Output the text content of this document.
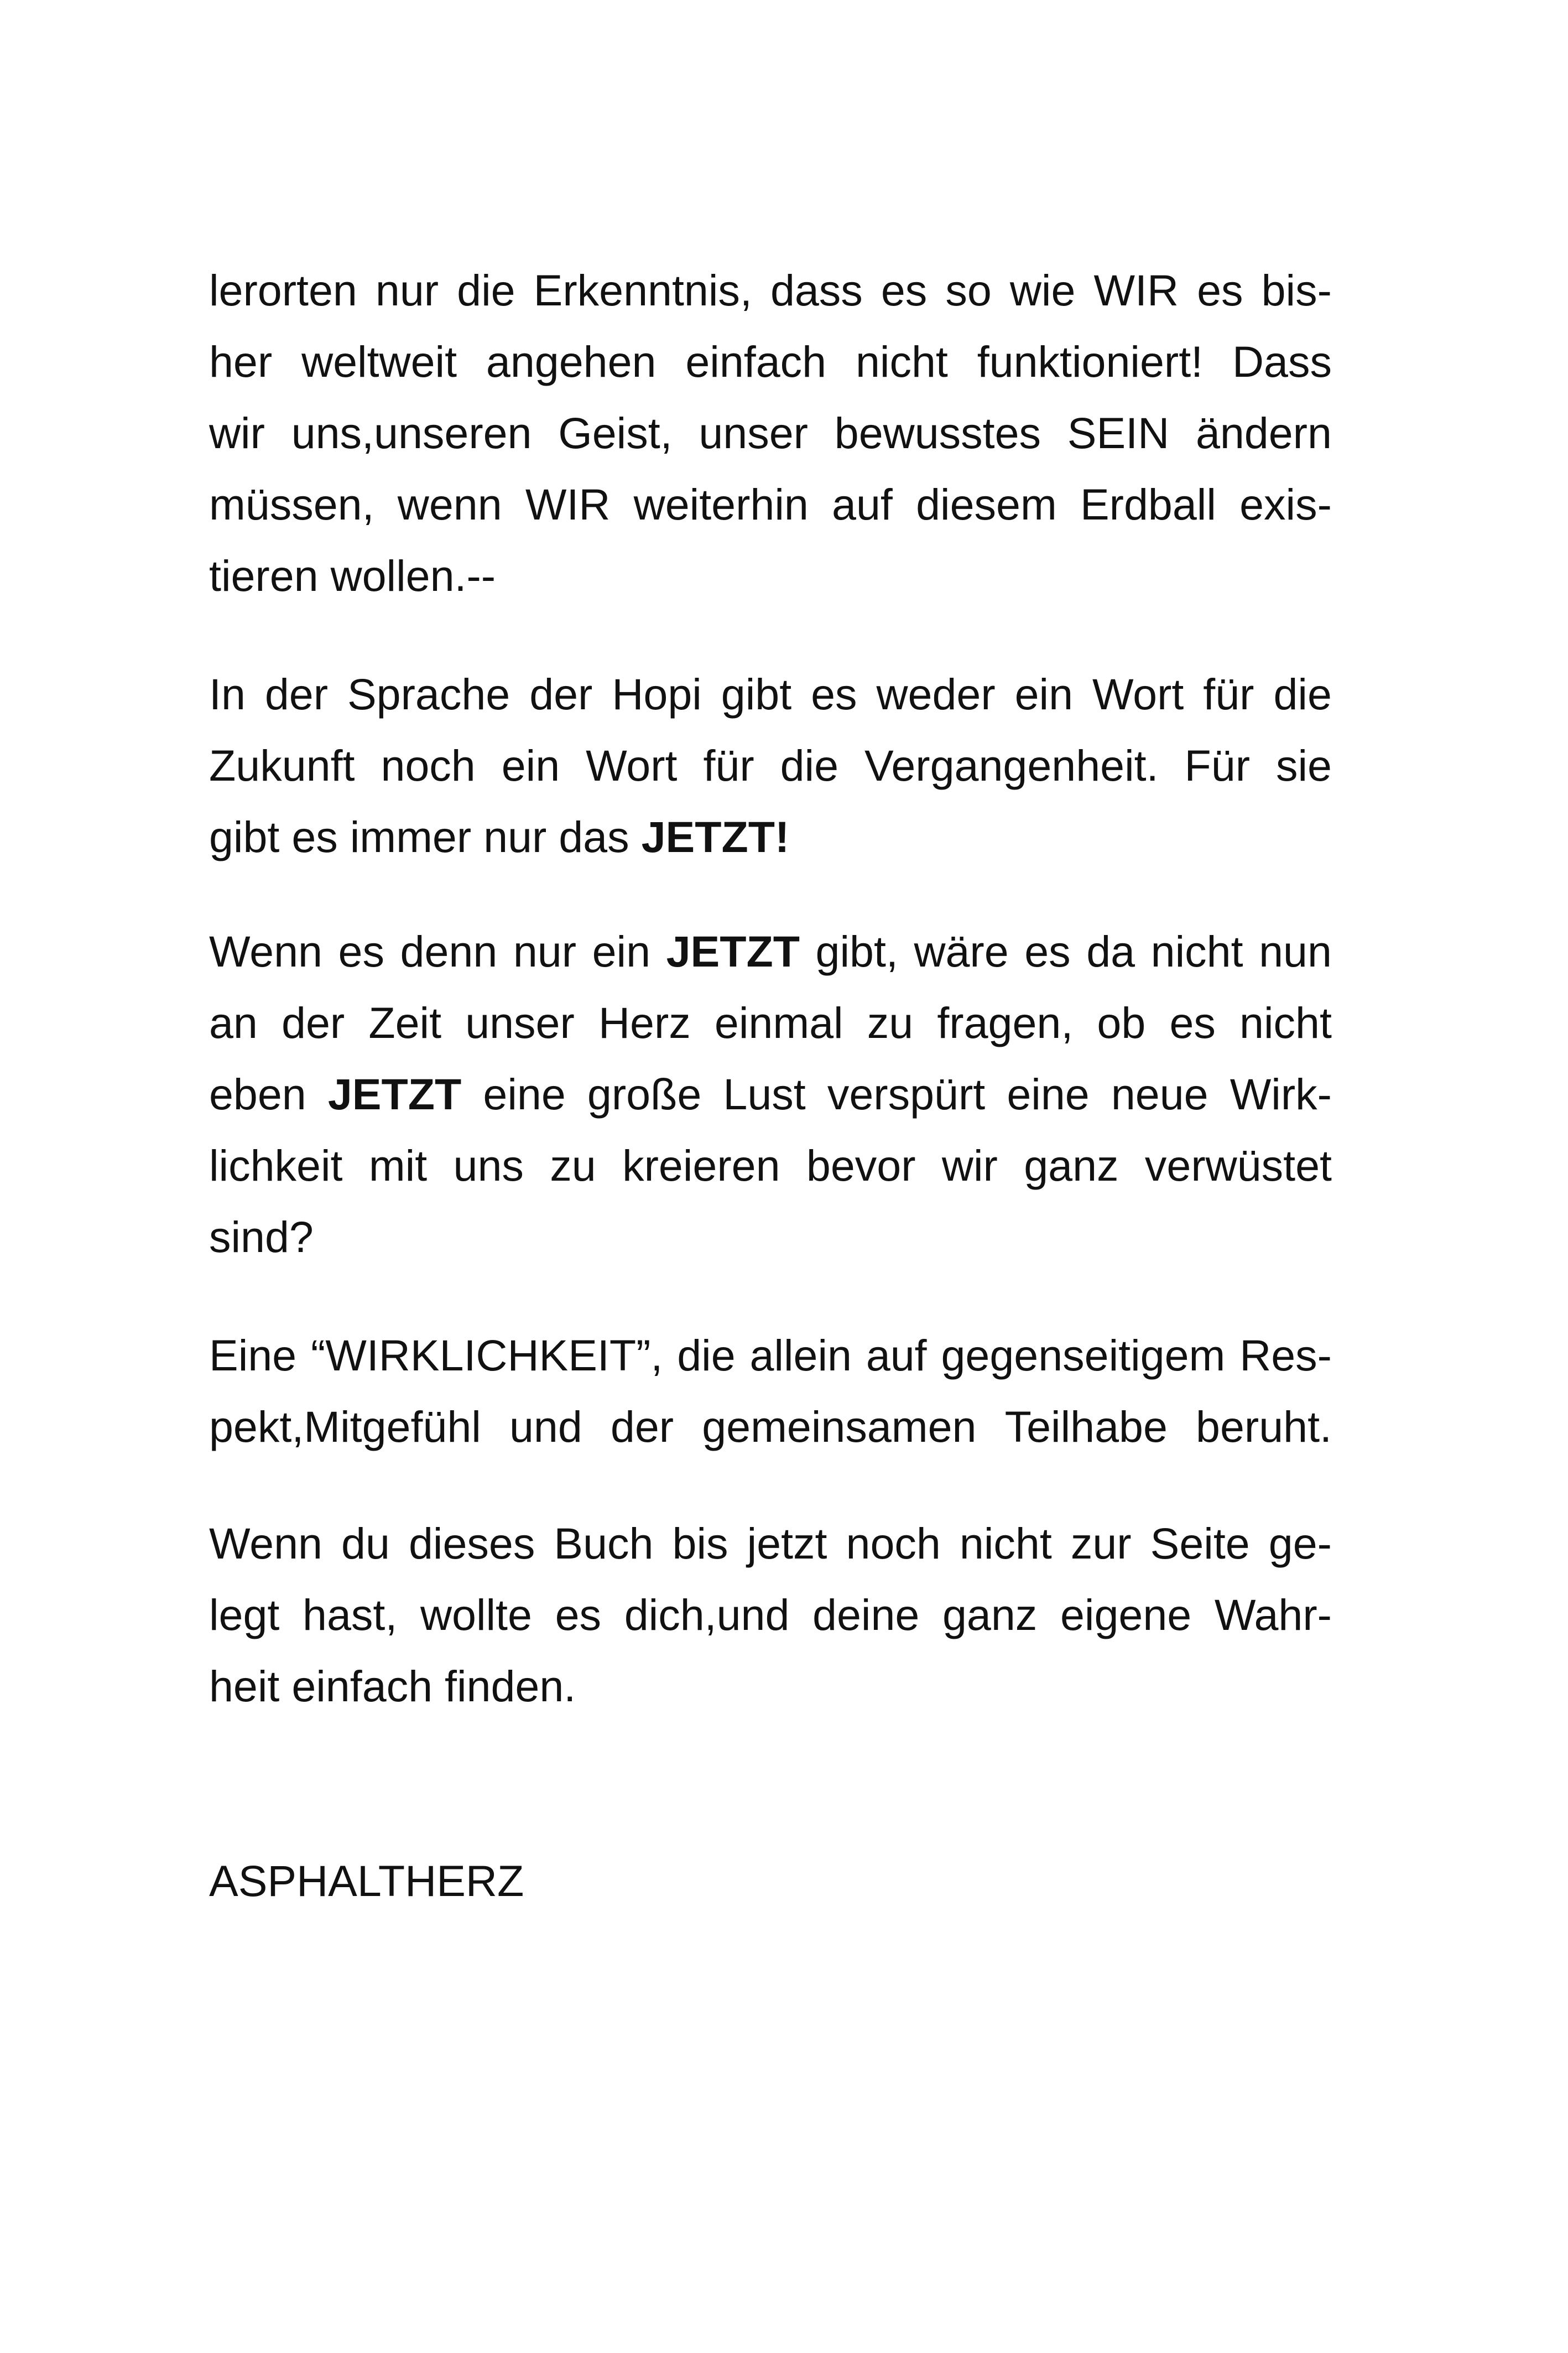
lerorten nur die Erkenntnis, dass es so wie WIR es bis-
her weltweit angehen einfach nicht funktioniert! Dass
wir uns,unseren Geist, unser bewusstes SEIN ändern
müssen, wenn WIR weiterhin auf diesem Erdball exis-
tieren wollen.--
In der Sprache der Hopi gibt es weder ein Wort für die
Zukunft noch ein Wort für die Vergangenheit. Für sie
gibt es immer nur das JETZT!
Wenn es denn nur ein JETZT gibt, wäre es da nicht nun
an der Zeit unser Herz einmal zu fragen, ob es nicht
eben JETZT eine große Lust verspürt eine neue Wirk-
lichkeit mit uns zu kreieren bevor wir ganz verwüstet
sind?
Eine “WIRKLICHKEIT”, die allein auf gegenseitigem Res-
pekt,Mitgefühl und der gemeinsamen Teilhabe beruht.
Wenn du dieses Buch bis jetzt noch nicht zur Seite ge-
legt hast, wollte es dich,und deine ganz eigene Wahr-
heit einfach finden.
ASPHALTHERZ
